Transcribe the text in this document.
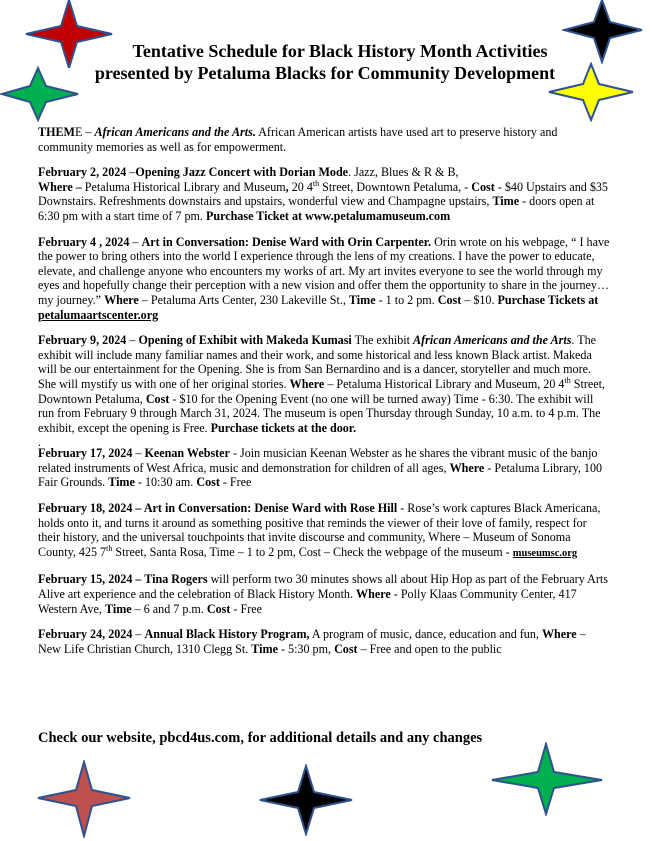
Tentative Schedule for Black History Month Activities
presented by Petaluma Blacks for Community Development

THEME – African Americans and the Arts. African American artists have used art to preserve history and community memories as well as for empowerment.

February 2, 2024 –Opening Jazz Concert with Dorian Mode. Jazz, Blues & R & B,
Where – Petaluma Historical Library and Museum, 20 4th Street, Downtown Petaluma, - Cost - $40 Upstairs and $35 Downstairs. Refreshments downstairs and upstairs, wonderful view and Champagne upstairs, Time - doors open at 6:30 pm with a start time of 7 pm. Purchase Ticket at www.petalumamuseum.com

February 4 , 2024 – Art in Conversation: Denise Ward with Orin Carpenter. Orin wrote on his webpage, “ I have the power to bring others into the world I experience through the lens of my creations. I have the power to educate, elevate, and challenge anyone who encounters my works of art. My art invites everyone to see the world through my eyes and hopefully change their perception with a new vision and offer them the opportunity to share in the journey… my journey.” Where – Petaluma Arts Center, 230 Lakeville St., Time - 1 to 2 pm. Cost – $10. Purchase Tickets at petalumaartscenter.org

February 9, 2024 – Opening of Exhibit with Makeda Kumasi The exhibit African Americans and the Arts. The exhibit will include many familiar names and their work, and some historical and less known Black artist. Makeda will be our entertainment for the Opening. She is from San Bernardino and is a dancer, storyteller and much more. She will mystify us with one of her original stories. Where – Petaluma Historical Library and Museum, 20 4th Street, Downtown Petaluma, Cost - $10 for the Opening Event (no one will be turned away) Time - 6:30. The exhibit will run from February 9 through March 31, 2024. The museum is open Thursday through Sunday, 10 a.m. to 4 p.m. The exhibit, except the opening is Free. Purchase tickets at the door.

.

February 17, 2024 – Keenan Webster - Join musician Keenan Webster as he shares the vibrant music of the banjo related instruments of West Africa, music and demonstration for children of all ages, Where - Petaluma Library, 100 Fair Grounds. Time - 10:30 am. Cost - Free

February 18, 2024 – Art in Conversation: Denise Ward with Rose Hill - Rose’s work captures Black Americana, holds onto it, and turns it around as something positive that reminds the viewer of their love of family, respect for their history, and the universal touchpoints that invite discourse and community, Where – Museum of Sonoma County, 425 7th Street, Santa Rosa, Time – 1 to 2 pm, Cost – Check the webpage of the museum - museumsc.org

February 15, 2024 – Tina Rogers will perform two 30 minutes shows all about Hip Hop as part of the February Arts Alive art experience and the celebration of Black History Month. Where - Polly Klaas Community Center, 417 Western Ave, Time – 6 and 7 p.m. Cost - Free

February 24, 2024 – Annual Black History Program, A program of music, dance, education and fun, Where – New Life Christian Church, 1310 Clegg St. Time - 5:30 pm, Cost – Free and open to the public

Check our website, pbcd4us.com, for additional details and any changes
